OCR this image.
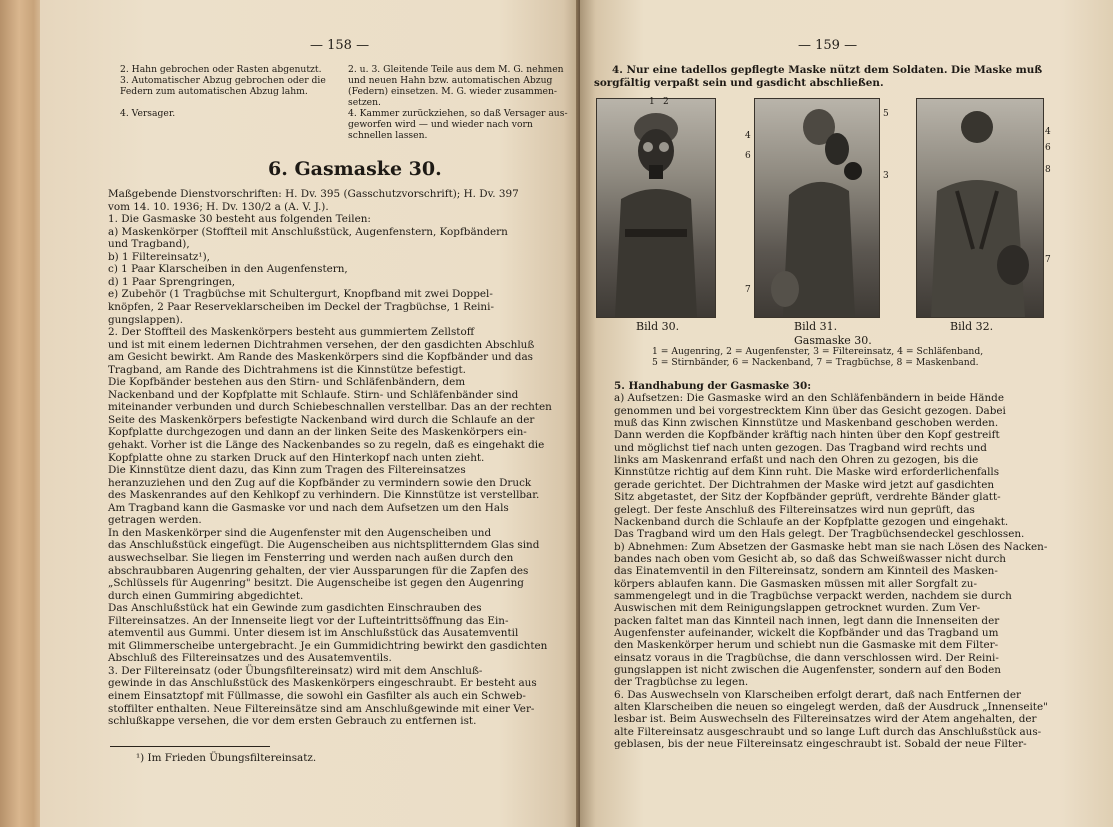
— 158 —
2. Hahn gebrochen oder Rasten abgenutzt.
3. Automatischer Abzug gebrochen oder die
Federn zum automatischen Abzug lahm.
4. Versager.
2. u. 3. Gleitende Teile aus dem M. G. nehmen
und neuen Hahn bzw. automatischen Abzug
(Federn) einsetzen. M. G. wieder zusammen-
setzen.
4. Kammer zurückziehen, so daß Versager aus-
geworfen wird — und wieder nach vorn
schnellen lassen.
6. Gasmaske 30.
Maßgebende Dienstvorschriften: H. Dv. 395 (Gasschutzvorschrift); H. Dv. 397
vom 14. 10. 1936; H. Dv. 130/2 a (A. V. J.).
1. Die Gasmaske 30 besteht aus folgenden Teilen:
a) Maskenkörper (Stoffteil mit Anschlußstück, Augenfenstern, Kopfbändern
und Tragband),
b) 1 Filtereinsatz¹),
c) 1 Paar Klarscheiben in den Augenfenstern,
d) 1 Paar Sprengringen,
e) Zubehör (1 Tragbüchse mit Schultergurt, Knopfband mit zwei Doppel-
knöpfen, 2 Paar Reserveklarscheiben im Deckel der Tragbüchse, 1 Reini-
gungslappen).
2. Der Stoffteil des Maskenkörpers besteht aus gummiertem Zellstoff
und ist mit einem ledernen Dichtrahmen versehen, der den gasdichten Abschluß
am Gesicht bewirkt. Am Rande des Maskenkörpers sind die Kopfbänder und das
Tragband, am Rande des Dichtrahmens ist die Kinnstütze befestigt.
Die Kopfbänder bestehen aus den Stirn- und Schläfenbändern, dem
Nackenband und der Kopfplatte mit Schlaufe. Stirn- und Schläfenbänder sind
miteinander verbunden und durch Schiebeschnallen verstellbar. Das an der rechten
Seite des Maskenkörpers befestigte Nackenband wird durch die Schlaufe an der
Kopfplatte durchgezogen und dann an der linken Seite des Maskenkörpers ein-
gehakt. Vorher ist die Länge des Nackenbandes so zu regeln, daß es eingehakt die
Kopfplatte ohne zu starken Druck auf den Hinterkopf nach unten zieht.
Die Kinnstütze dient dazu, das Kinn zum Tragen des Filtereinsatzes
heranzuziehen und den Zug auf die Kopfbänder zu vermindern sowie den Druck
des Maskenrandes auf den Kehlkopf zu verhindern. Die Kinnstütze ist verstellbar.
Am Tragband kann die Gasmaske vor und nach dem Aufsetzen um den Hals
getragen werden.
In den Maskenkörper sind die Augenfenster mit den Augenscheiben und
das Anschlußstück eingefügt. Die Augenscheiben aus nichtsplitterndem Glas sind
auswechselbar. Sie liegen im Fensterring und werden nach außen durch den
abschraubbaren Augenring gehalten, der vier Aussparungen für die Zapfen des
„Schlüssels für Augenring" besitzt. Die Augenscheibe ist gegen den Augenring
durch einen Gummiring abgedichtet.
Das Anschlußstück hat ein Gewinde zum gasdichten Einschrauben des
Filtereinsatzes. An der Innenseite liegt vor der Lufteintrittsöffnung das Ein-
atemventil aus Gummi. Unter diesem ist im Anschlußstück das Ausatemventil
mit Glimmerscheibe untergebracht. Je ein Gummidichtring bewirkt den gasdichten
Abschluß des Filtereinsatzes und des Ausatemventils.
3. Der Filtereinsatz (oder Übungsfiltereinsatz) wird mit dem Anschluß-
gewinde in das Anschlußstück des Maskenkörpers eingeschraubt. Er besteht aus
einem Einsatztopf mit Füllmasse, die sowohl ein Gasfilter als auch ein Schweb-
stoffilter enthalten. Neue Filtereinsätze sind am Anschlußgewinde mit einer Ver-
schlußkappe versehen, die vor dem ersten Gebrauch zu entfernen ist.
¹) Im Frieden Übungsfiltereinsatz.
— 159 —
4. Nur eine tadellos gepflegte Maske nützt dem Soldaten. Die Maske muß
sorgfältig verpaßt sein und gasdicht abschließen.
1 2
Bild 30.
4
6
5
3
7
Bild 31.
Gasmaske 30.
4
6
8
7
Bild 32.
1 = Augenring, 2 = Augenfenster, 3 = Filtereinsatz, 4 = Schläfenband,
5 = Stirnbänder, 6 = Nackenband, 7 = Tragbüchse, 8 = Maskenband.
5. Handhabung der Gasmaske 30:
a) Aufsetzen: Die Gasmaske wird an den Schläfenbändern in beide Hände
genommen und bei vorgestrecktem Kinn über das Gesicht gezogen. Dabei
muß das Kinn zwischen Kinnstütze und Maskenband geschoben werden.
Dann werden die Kopfbänder kräftig nach hinten über den Kopf gestreift
und möglichst tief nach unten gezogen. Das Tragband wird rechts und
links am Maskenrand erfaßt und nach den Ohren zu gezogen, bis die
Kinnstütze richtig auf dem Kinn ruht. Die Maske wird erforderlichenfalls
gerade gerichtet. Der Dichtrahmen der Maske wird jetzt auf gasdichten
Sitz abgetastet, der Sitz der Kopfbänder geprüft, verdrehte Bänder glatt-
gelegt. Der feste Anschluß des Filtereinsatzes wird nun geprüft, das
Nackenband durch die Schlaufe an der Kopfplatte gezogen und eingehakt.
Das Tragband wird um den Hals gelegt. Der Tragbüchsendeckel geschlossen.
b) Abnehmen: Zum Absetzen der Gasmaske hebt man sie nach Lösen des Nacken-
bandes nach oben vom Gesicht ab, so daß das Schweißwasser nicht durch
das Einatemventil in den Filtereinsatz, sondern am Kinnteil des Masken-
körpers ablaufen kann. Die Gasmasken müssen mit aller Sorgfalt zu-
sammengelegt und in die Tragbüchse verpackt werden, nachdem sie durch
Auswischen mit dem Reinigungslappen getrocknet wurden. Zum Ver-
packen faltet man das Kinnteil nach innen, legt dann die Innenseiten der
Augenfenster aufeinander, wickelt die Kopfbänder und das Tragband um
den Maskenkörper herum und schiebt nun die Gasmaske mit dem Filter-
einsatz voraus in die Tragbüchse, die dann verschlossen wird. Der Reini-
gungslappen ist nicht zwischen die Augenfenster, sondern auf den Boden
der Tragbüchse zu legen.
6. Das Auswechseln von Klarscheiben erfolgt derart, daß nach Entfernen der
alten Klarscheiben die neuen so eingelegt werden, daß der Ausdruck „Innenseite"
lesbar ist. Beim Auswechseln des Filtereinsatzes wird der Atem angehalten, der
alte Filtereinsatz ausgeschraubt und so lange Luft durch das Anschlußstück aus-
geblasen, bis der neue Filtereinsatz eingeschraubt ist. Sobald der neue Filter-
